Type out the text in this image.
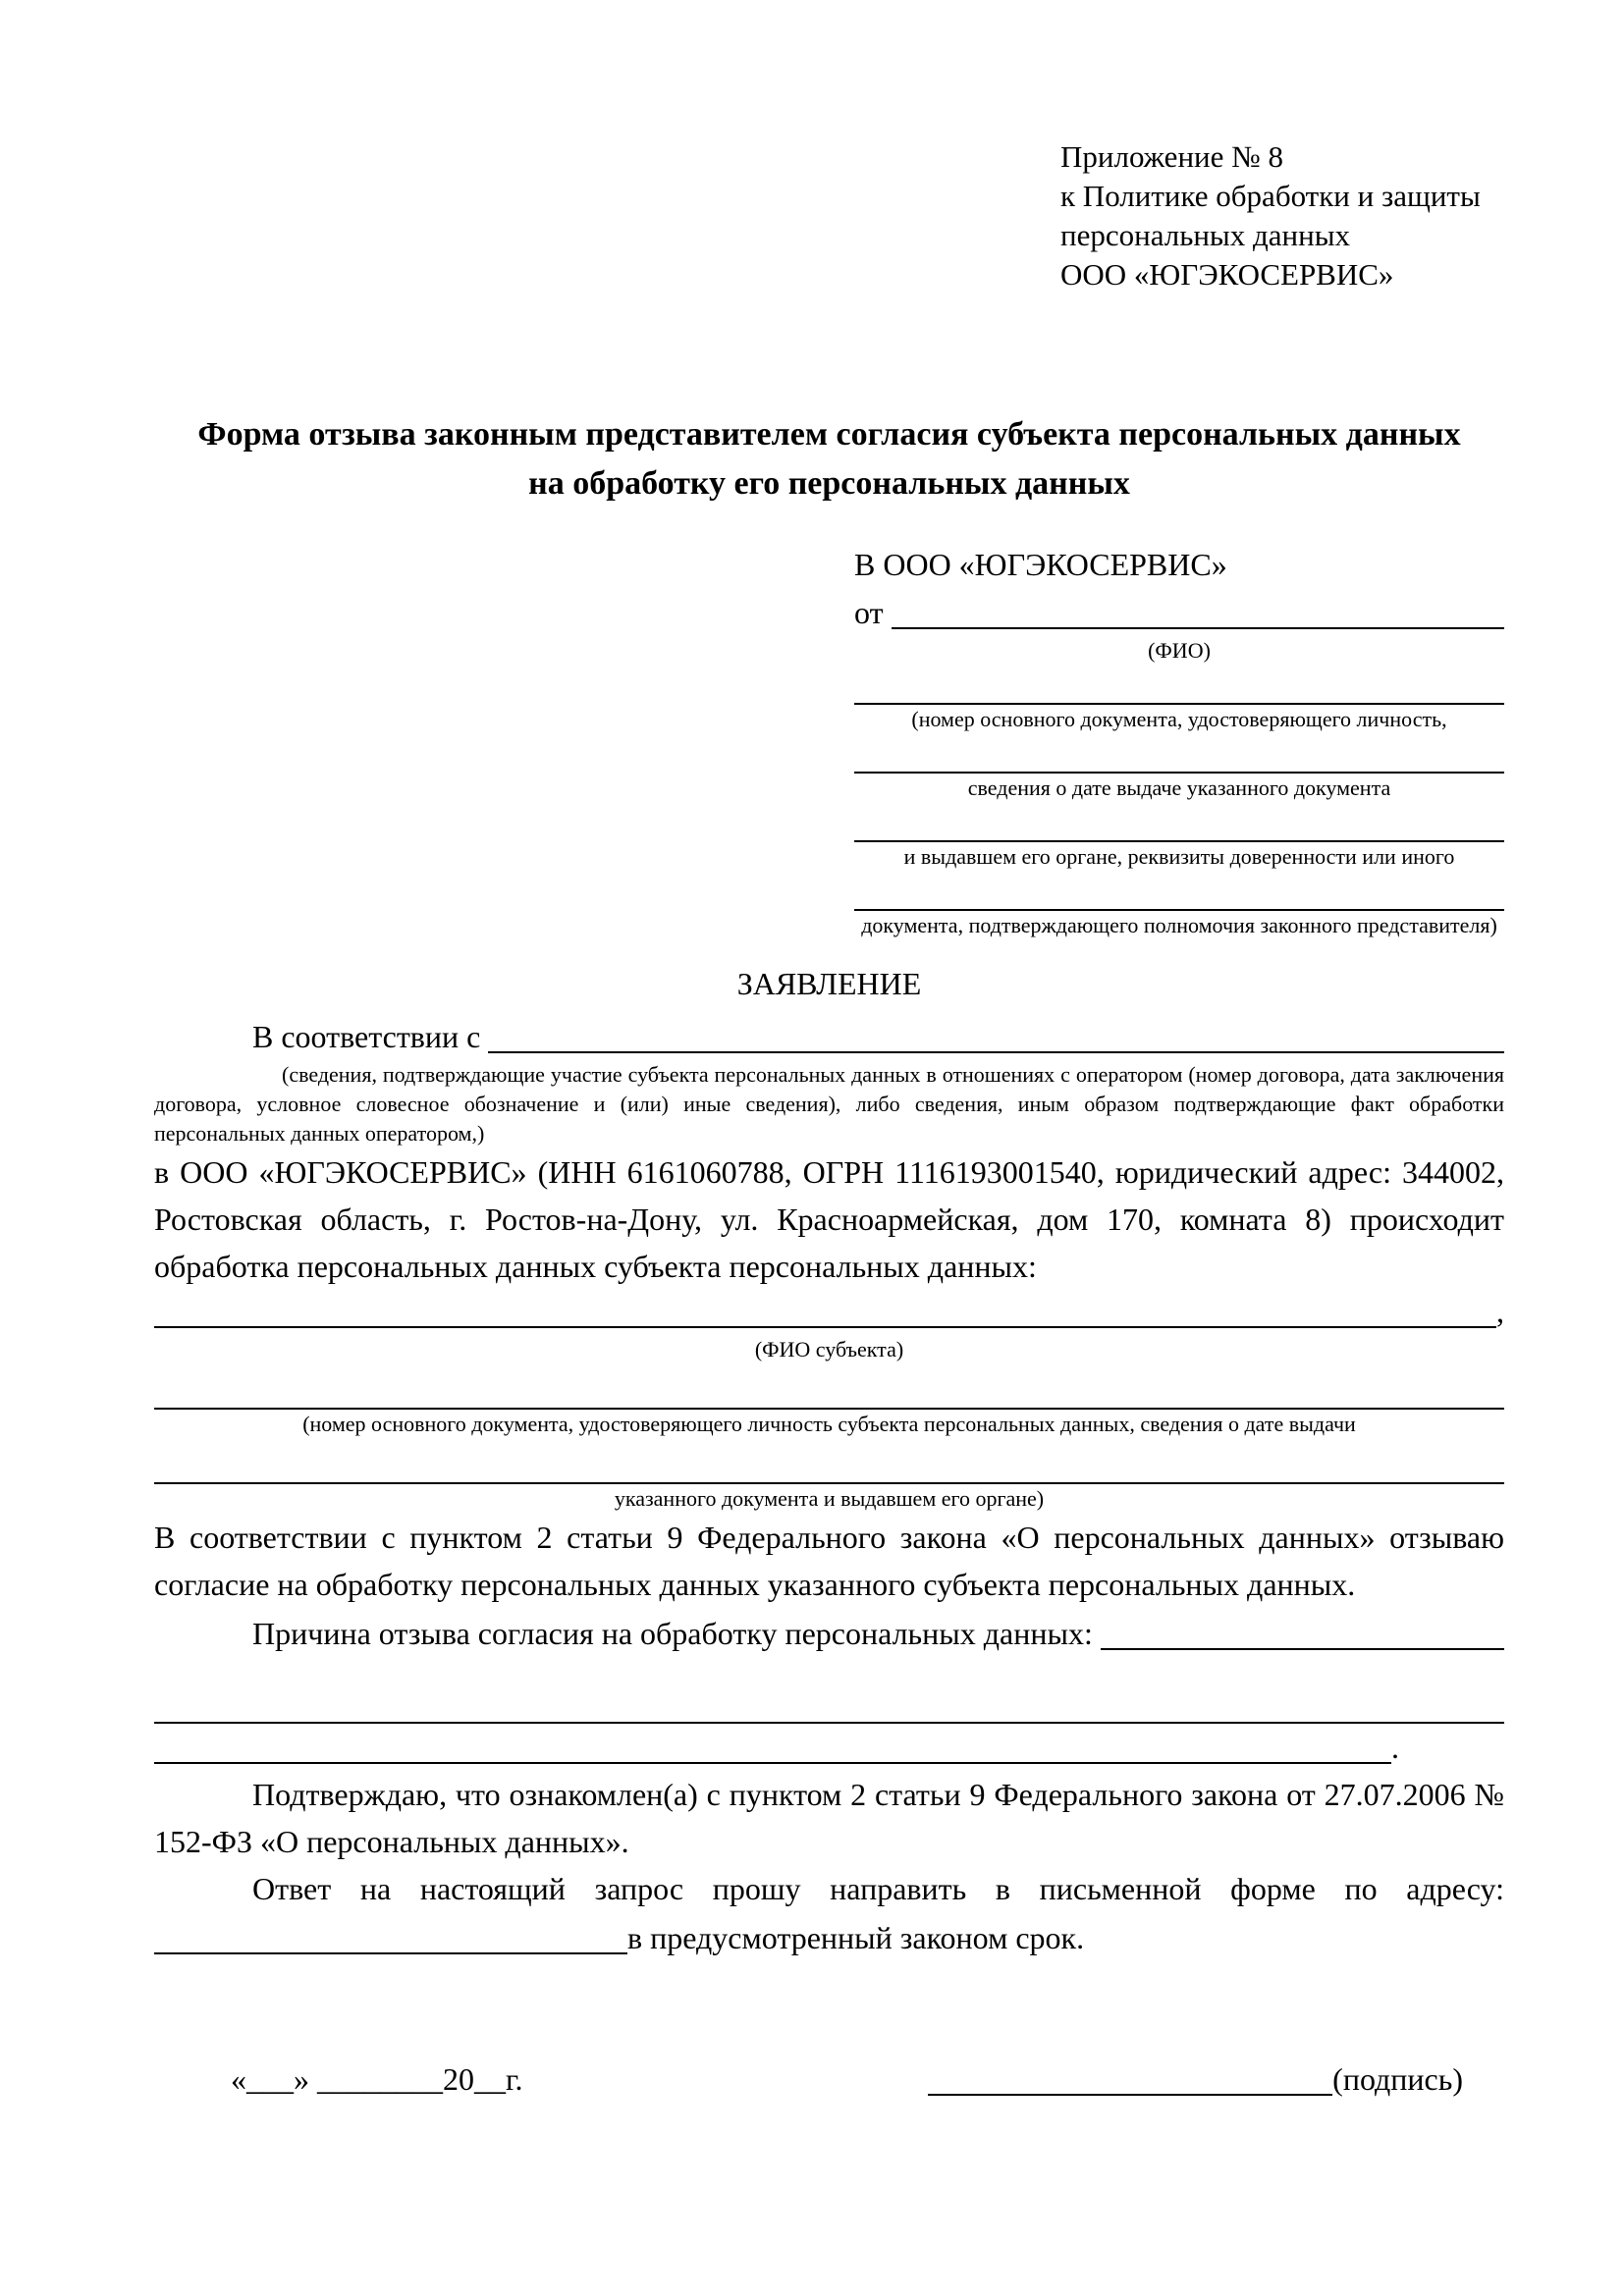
Приложение № 8
к Политике обработки и защиты
персональных данных
ООО «ЮГЭКОСЕРВИС»
Форма отзыва законным представителем согласия субъекта персональных данных на обработку его персональных данных
В ООО «ЮГЭКОСЕРВИС»
от
(ФИО)
(номер основного документа, удостоверяющего личность,
сведения о дате выдаче указанного документа
и выдавшем его органе, реквизиты доверенности или иного
документа, подтверждающего полномочия законного представителя)
ЗАЯВЛЕНИЕ
В соответствии с
(сведения, подтверждающие участие субъекта персональных данных в отношениях с оператором (номер договора, дата заключения договора, условное словесное обозначение и (или) иные сведения), либо сведения, иным образом подтверждающие факт обработки персональных данных оператором,)
в ООО «ЮГЭКОСЕРВИС» (ИНН 6161060788, ОГРН 1116193001540, юридический адрес: 344002, Ростовская область, г. Ростов-на-Дону, ул. Красноармейская, дом 170, комната 8) происходит обработка персональных данных субъекта персональных данных:
,
(ФИО субъекта)
(номер основного документа, удостоверяющего личность субъекта персональных данных, сведения о дате выдачи
указанного документа и выдавшем его органе)
В соответствии с пунктом 2 статьи 9 Федерального закона «О персональных данных» отзываю согласие на обработку персональных данных указанного субъекта персональных данных.
Причина отзыва согласия на обработку персональных данных:
.
Подтверждаю, что ознакомлен(а) с пунктом 2 статьи 9 Федерального закона от 27.07.2006 № 152-ФЗ «О персональных данных».
Ответ на настоящий запрос прошу направить в письменной форме по адресу:
в предусмотренный законом срок.
«___» ________20__г.	(подпись)
